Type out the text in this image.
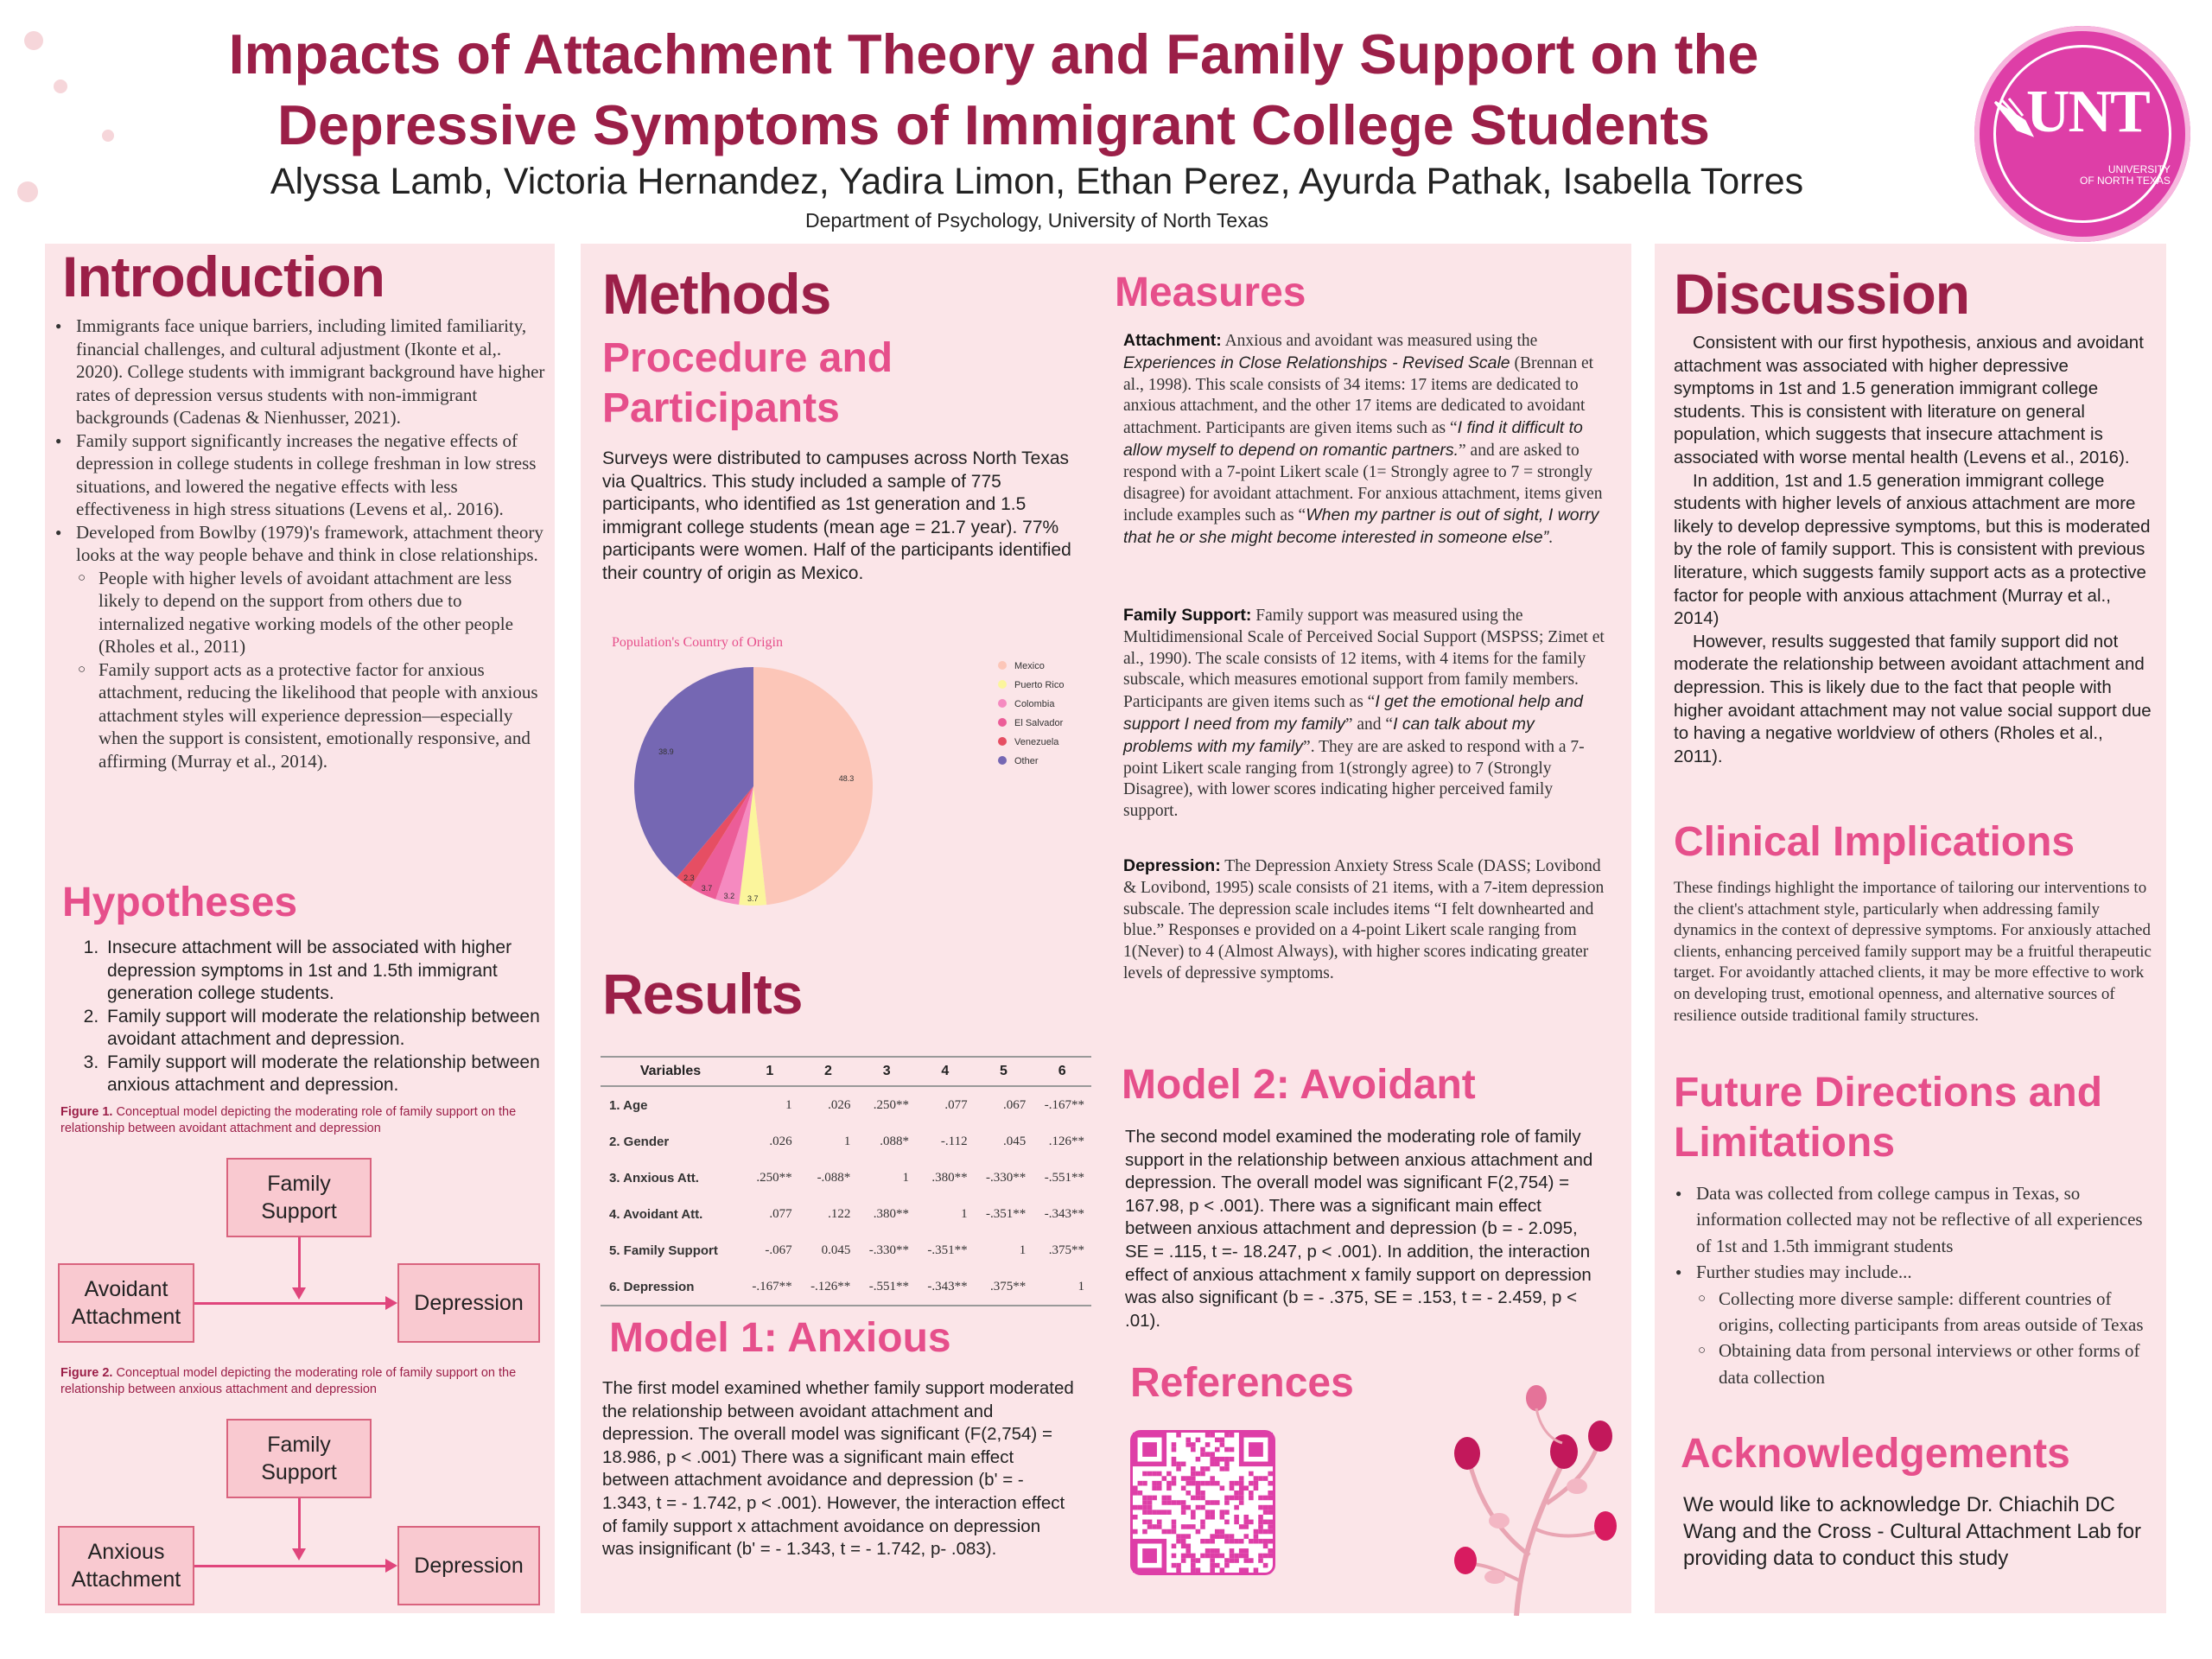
Impacts of Attachment Theory and Family Support on the
Depressive Symptoms of Immigrant College Students
Alyssa Lamb, Victoria Hernandez, Yadira Limon, Ethan Perez, Ayurda Pathak, Isabella Torres
Department of Psychology, University of North Texas
UNT
UNIVERSITY
OF NORTH TEXAS
Introduction
● Immigrants face unique barriers, including limited familiarity, financial challenges, and cultural adjustment (Ikonte et al,. 2020). College students with immigrant background have higher rates of depression versus students with non-immigrant backgrounds (Cadenas & Nienhusser, 2021).
● Family support significantly increases the negative effects of depression in college students in college freshman in low stress situations, and lowered the negative effects with less effectiveness in high stress situations (Levens et al,. 2016).
● Developed from Bowlby (1979)'s framework, attachment theory looks at the way people behave and think in close relationships.
○ People with higher levels of avoidant attachment are less likely to depend on the support from others due to internalized negative working models of the other people (Rholes et al., 2011)
○ Family support acts as a protective factor for anxious attachment, reducing the likelihood that people with anxious attachment styles will experience depression—especially when the support is consistent, emotionally responsive, and affirming (Murray et al., 2014).
Hypotheses
1. Insecure attachment will be associated with higher depression symptoms in 1st and 1.5th immigrant generation college students.
2. Family support will moderate the relationship between avoidant attachment and depression.
3. Family support will moderate the relationship between anxious attachment and depression.

Figure 1. Conceptual model depicting the moderating role of family support on the relationship between avoidant attachment and depression

Family Support
Avoidant Attachment
Depression

Figure 2. Conceptual model depicting the moderating role of family support on the relationship between anxious attachment and depression

Family Support
Anxious Attachment
Depression
Methods
Procedure and Participants

Surveys were distributed to campuses across North Texas via Qualtrics. This study included a sample of 775 participants, who identified as 1st generation and 1.5 immigrant college students (mean age = 21.7 year). 77% participants were women. Half of the participants identified their country of origin as Mexico.

Population's Country of Origin
48.3
3.7
3.2
3.7
2.3
38.9
Mexico
Puerto Rico
Colombia
El Salvador
Venezuela
Other
Measures

Attachment: Anxious and avoidant was measured using the Experiences in Close Relationships - Revised Scale (Brennan et al., 1998). This scale consists of 34 items: 17 items are dedicated to anxious attachment, and the other 17 items are dedicated to avoidant attachment. Participants are given items such as “I find it difficult to allow myself to depend on romantic partners.” and are asked to respond with a 7-point Likert scale (1= Strongly agree to 7 = strongly disagree) for avoidant attachment. For anxious attachment, items given include examples such as “When my partner is out of sight, I worry that he or she might become interested in someone else”.

Family Support: Family support was measured using the Multidimensional Scale of Perceived Social Support (MSPSS; Zimet et al., 1990). The scale consists of 12 items, with 4 items for the family subscale, which measures emotional support from family members. Participants are given items such as “I get the emotional help and support I need from my family” and “I can talk about my problems with my family”. They are are asked to respond with a 7-point Likert scale ranging from 1(strongly agree) to 7 (Strongly Disagree), with lower scores indicating higher perceived family support.

Depression: The Depression Anxiety Stress Scale (DASS; Lovibond & Lovibond, 1995) scale consists of 21 items, with a 7-item depression subscale. The depression scale includes items “I felt downhearted and blue.” Responses e provided on a 4-point Likert scale ranging from 1(Never) to 4 (Almost Always), with higher scores indicating greater levels of depressive symptoms.

Results
Variables	1	2	3	4	5	6
1. Age	1	.026	.250**	.077	.067	-.167**
2. Gender	.026	1	.088*	-.112	.045	.126**
3. Anxious Att.	.250**	-.088*	1	.380**	-.330**	-.551**
4. Avoidant Att.	.077	.122	.380**	1	-.351**	-.343**
5. Family Support	-.067	0.045	-.330**	-.351**	1	.375**
6. Depression	-.167**	-.126**	-.551**	-.343**	.375**	1
Model 1: Anxious

The first model examined whether family support moderated the relationship between avoidant attachment and depression. The overall model was significant (F(2,754) = 18.986, p < .001) There was a significant main effect between attachment avoidance and depression (b' = - 1.343, t = - 1.742, p < .001). However, the interaction effect of family support x attachment avoidance on depression was insignificant (b' = - 1.343, t = - 1.742, p- .083).

Model 2: Avoidant

The second model examined the moderating role of family support in the relationship between anxious attachment and depression. The overall model was significant F(2,754) = 167.98, p < .001). There was a significant main effect between anxious attachment and depression (b = - 2.095, SE = .115, t =- 18.247, p < .001). In addition, the interaction effect of anxious attachment x family support on depression was also significant (b = - .375, SE = .153, t = - 2.459, p < .01).

References
Discussion

Consistent with our first hypothesis, anxious and avoidant attachment was associated with higher depressive symptoms in 1st and 1.5 generation immigrant college students. This is consistent with literature on general population, which suggests that insecure attachment is associated with worse mental health (Levens et al., 2016).

In addition, 1st and 1.5 generation immigrant college students with higher levels of anxious attachment are more likely to develop depressive symptoms, but this is moderated by the role of family support. This is consistent with previous literature, which suggests family support acts as a protective factor for people with anxious attachment (Murray et al., 2014)

However, results suggested that family support did not moderate the relationship between avoidant attachment and depression. This is likely due to the fact that people with higher avoidant attachment may not value social support due to having a negative worldview of others (Rholes et al., 2011).

Clinical Implications

These findings highlight the importance of tailoring our interventions to the client's attachment style, particularly when addressing family dynamics in the context of depressive symptoms. For anxiously attached clients, enhancing perceived family support may be a fruitful therapeutic target. For avoidantly attached clients, it may be more effective to work on developing trust, emotional openness, and alternative sources of resilience outside traditional family structures.

Future Directions and
Limitations
● Data was collected from college campus in Texas, so information collected may not be reflective of all experiences of 1st and 1.5th immigrant students
● Further studies may include...
○ Collecting more diverse sample: different countries of origins, collecting participants from areas outside of Texas
○ Obtaining data from personal interviews or other forms of data collection
Acknowledgements

We would like to acknowledge Dr. Chiachih DC Wang and the Cross - Cultural Attachment Lab for providing data to conduct this study
